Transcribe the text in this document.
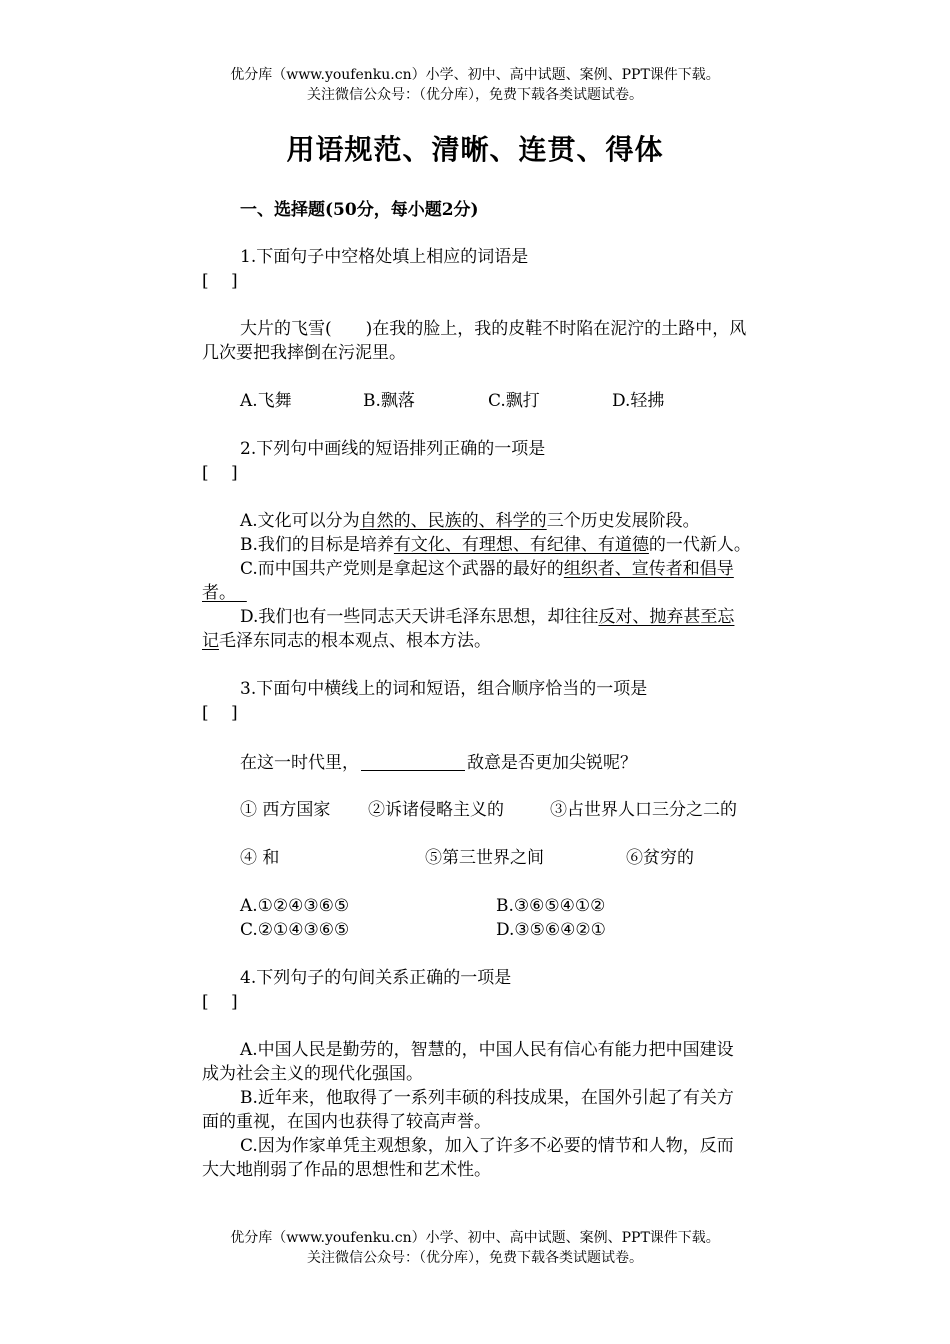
优分库（www.youfenku.cn）小学、初中、高中试题、案例、PPT课件下载。
关注微信公众号：（优分库），免费下载各类试题试卷。
用语规范、清晰、连贯、得体
一、选择题(50分，每小题2分)
1.下面句子中空格处填上相应的词语是
[　 ]
大片的飞雪(　　)在我的脸上，我的皮鞋不时陷在泥泞的土路中，风
几次要把我摔倒在污泥里。
A.飞舞	B.飘落	C.飘打	D.轻拂
2.下列句中画线的短语排列正确的一项是
[　 ]
A.文化可以分为自然的、民族的、科学的三个历史发展阶段。
B.我们的目标是培养有文化、有理想、有纪律、有道德的一代新人。
C.而中国共产党则是拿起这个武器的最好的组织者、宣传者和倡导
者。
D.我们也有一些同志天天讲毛泽东思想，却往往反对、抛弃甚至忘
记毛泽东同志的根本观点、根本方法。
3.下面句中横线上的词和短语，组合顺序恰当的一项是
[　 ]
在这一时代里，	敌意是否更加尖锐呢？
① 西方国家 ②诉诸侵略主义的	③占世界人口三分之二的
④ 和	⑤第三世界之间	⑥贫穷的
A.①②④③⑥⑤	B.③⑥⑤④①②
C.②①④③⑥⑤	D.③⑤⑥④②①
4.下列句子的句间关系正确的一项是
[　 ]
A.中国人民是勤劳的，智慧的，中国人民有信心有能力把中国建设
成为社会主义的现代化强国。
B.近年来，他取得了一系列丰硕的科技成果，在国外引起了有关方
面的重视，在国内也获得了较高声誉。
C.因为作家单凭主观想象，加入了许多不必要的情节和人物，反而
大大地削弱了作品的思想性和艺术性。
优分库（www.youfenku.cn）小学、初中、高中试题、案例、PPT课件下载。
关注微信公众号：（优分库），免费下载各类试题试卷。
